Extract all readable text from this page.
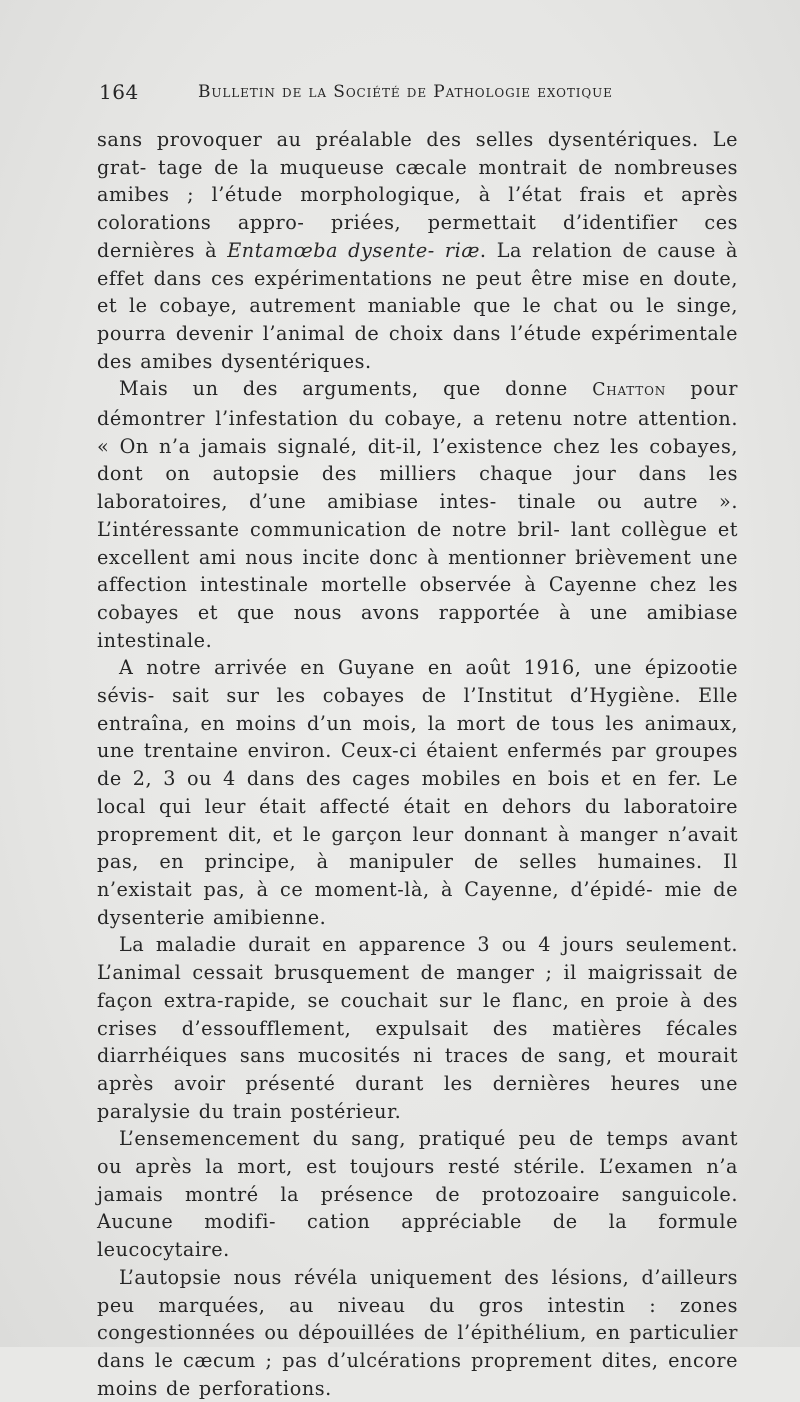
164	Bulletin de la Société de Pathologie exotique

sans provoquer au préalable des selles dysentériques. Le grat- tage de la muqueuse cæcale montrait de nombreuses amibes ; l’étude morphologique, à l’état frais et après colorations appro- priées, permettait d’identifier ces dernières à Entamœba dysente- riæ. La relation de cause à effet dans ces expérimentations ne peut être mise en doute, et le cobaye, autrement maniable que le chat ou le singe, pourra devenir l’animal de choix dans l’étude expérimentale des amibes dysentériques.

Mais un des arguments, que donne Chatton pour démontrer l’infestation du cobaye, a retenu notre attention. « On n’a jamais signalé, dit-il, l’existence chez les cobayes, dont on autopsie des milliers chaque jour dans les laboratoires, d’une amibiase intes- tinale ou autre ». L’intéressante communication de notre bril- lant collègue et excellent ami nous incite donc à mentionner brièvement une affection intestinale mortelle observée à Cayenne chez les cobayes et que nous avons rapportée à une amibiase intestinale.

A notre arrivée en Guyane en août 1916, une épizootie sévis- sait sur les cobayes de l’Institut d’Hygiène. Elle entraîna, en moins d’un mois, la mort de tous les animaux, une trentaine environ. Ceux-ci étaient enfermés par groupes de 2, 3 ou 4 dans des cages mobiles en bois et en fer. Le local qui leur était affecté était en dehors du laboratoire proprement dit, et le garçon leur donnant à manger n’avait pas, en principe, à manipuler de selles humaines. Il n’existait pas, à ce moment-là, à Cayenne, d’épidé- mie de dysenterie amibienne.

La maladie durait en apparence 3 ou 4 jours seulement. L’animal cessait brusquement de manger ; il maigrissait de façon extra-rapide, se couchait sur le flanc, en proie à des crises d’essoufflement, expulsait des matières fécales diarrhéiques sans mucosités ni traces de sang, et mourait après avoir présenté durant les dernières heures une paralysie du train postérieur.

L’ensemencement du sang, pratiqué peu de temps avant ou après la mort, est toujours resté stérile. L’examen n’a jamais montré la présence de protozoaire sanguicole. Aucune modifi- cation appréciable de la formule leucocytaire.

L’autopsie nous révéla uniquement des lésions, d’ailleurs peu marquées, au niveau du gros intestin : zones congestionnées ou dépouillées de l’épithélium, en particulier dans le cæcum ; pas d’ulcérations proprement dites, encore moins de perforations.
